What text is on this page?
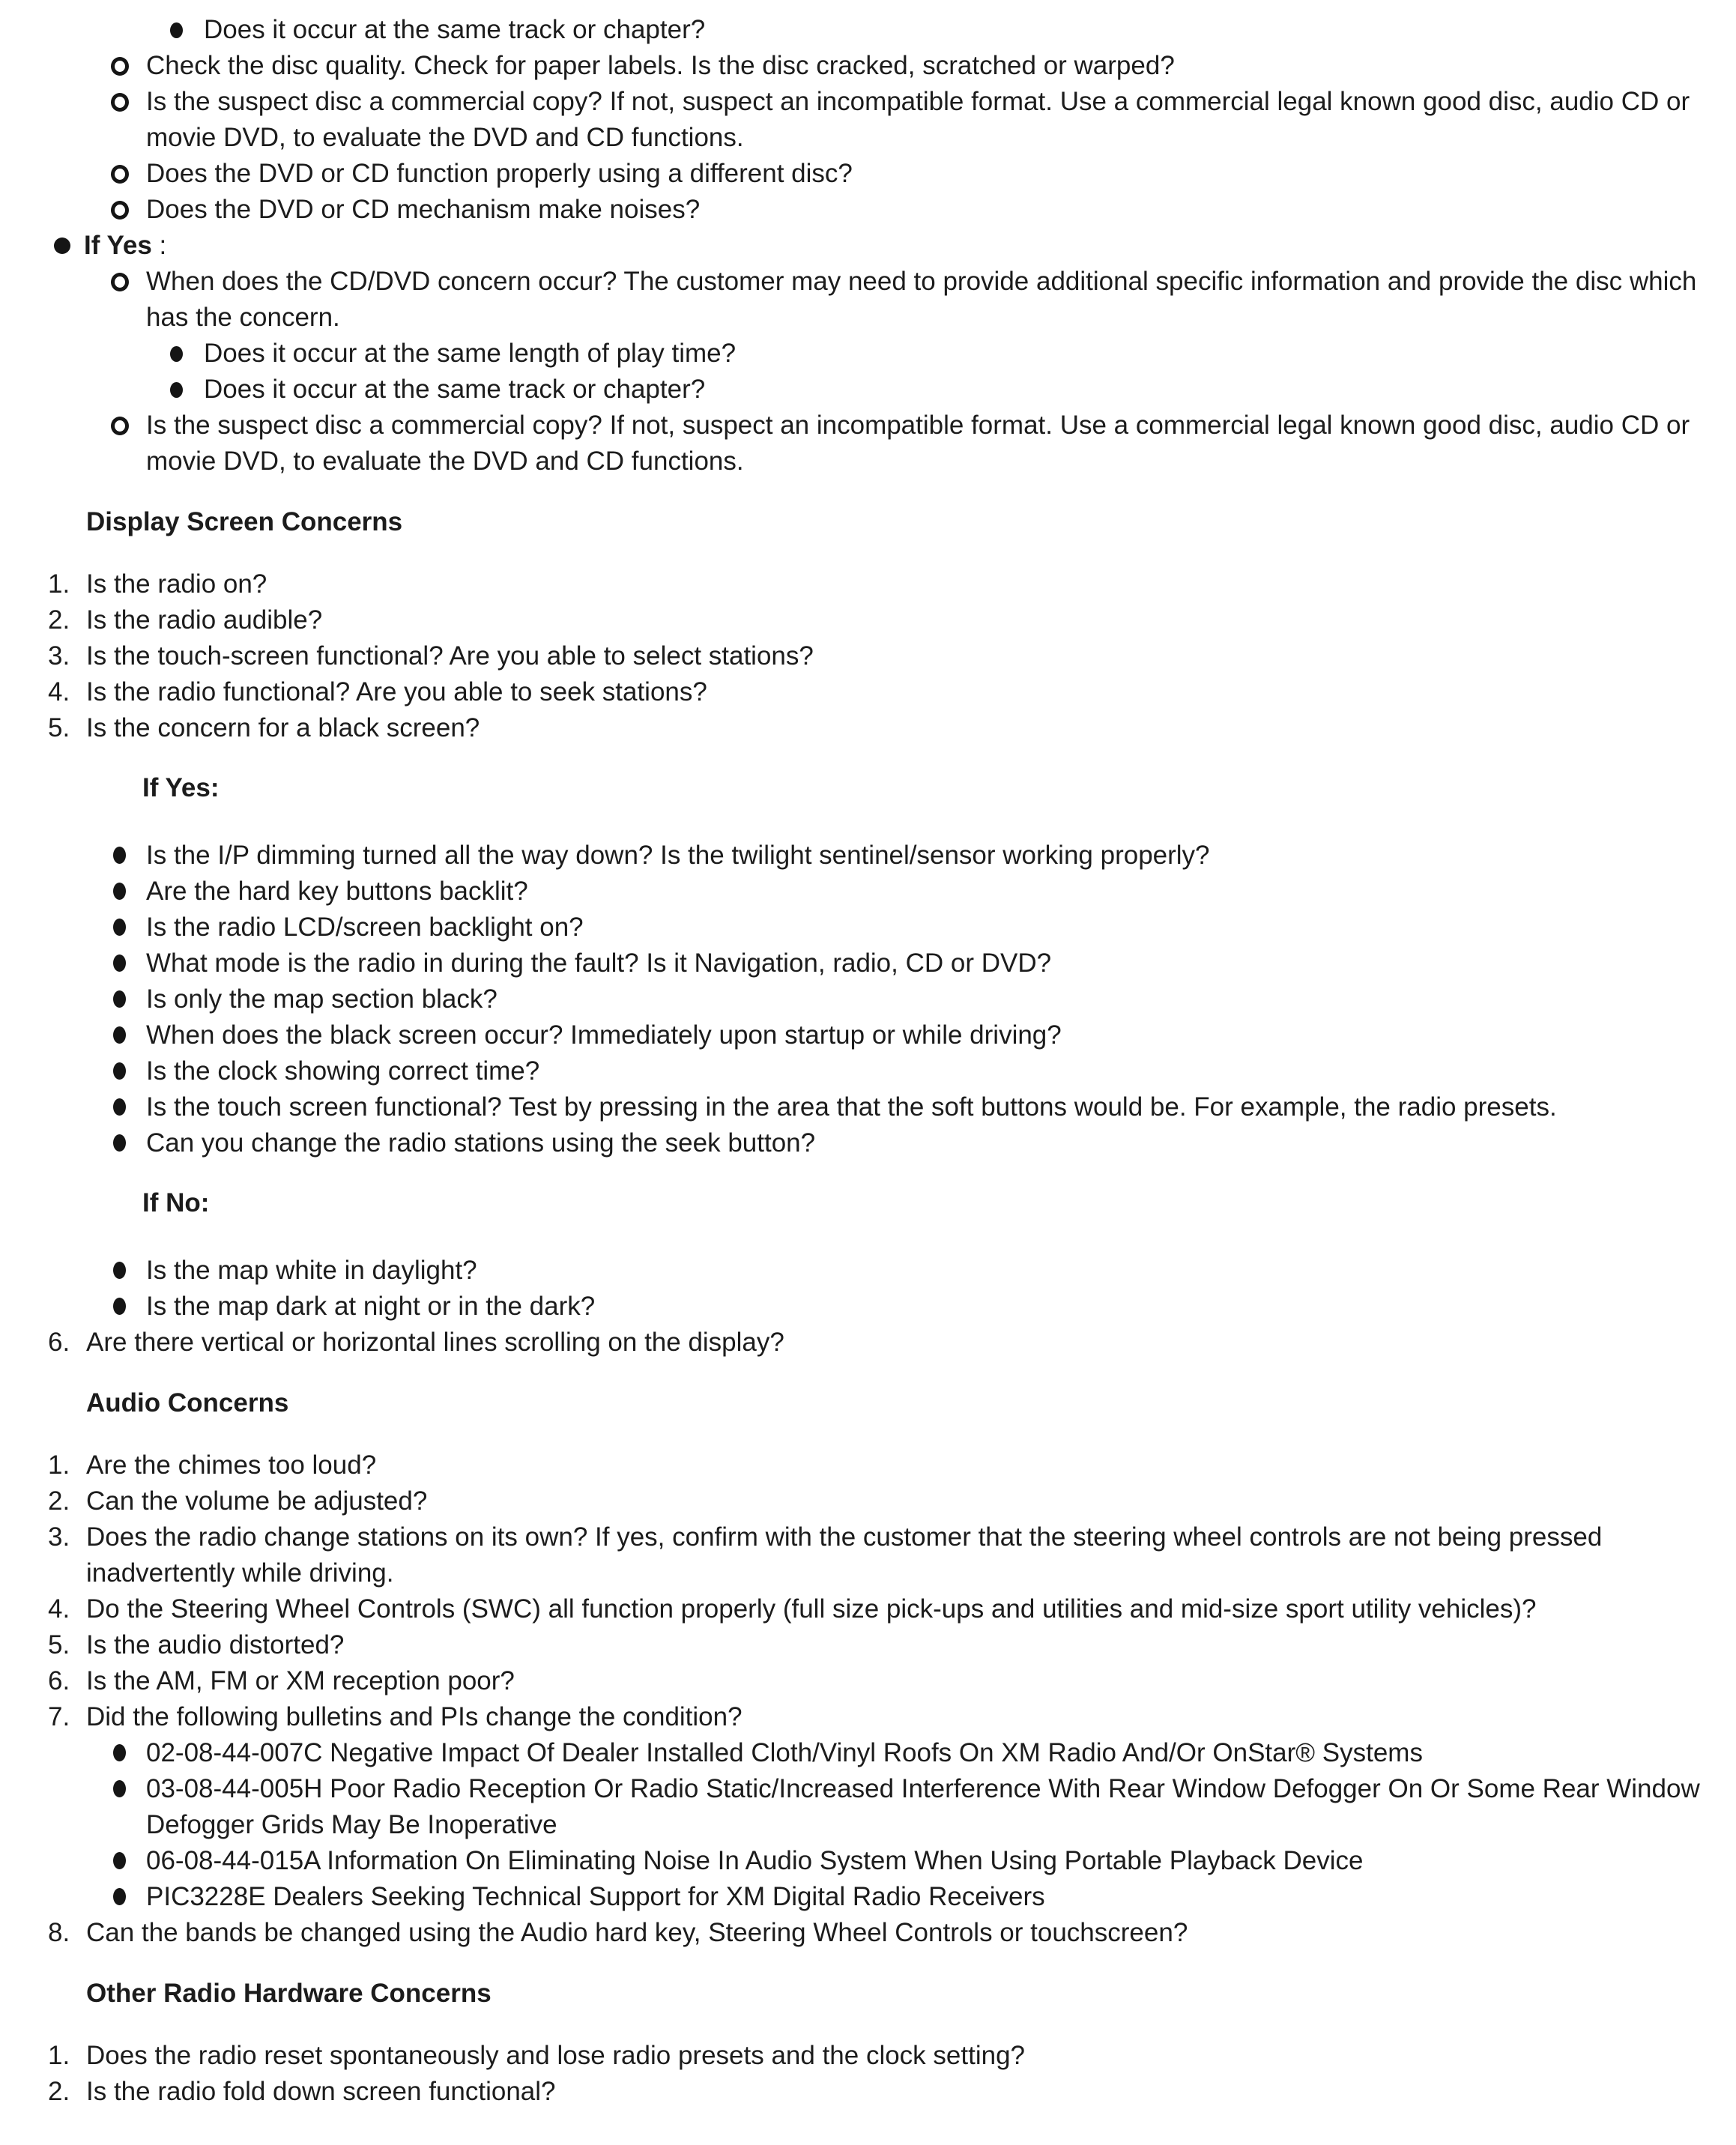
Does it occur at the same track or chapter?
Check the disc quality. Check for paper labels. Is the disc cracked, scratched or warped?
Is the suspect disc a commercial copy? If not, suspect an incompatible format. Use a commercial legal known good disc, audio CD or movie DVD, to evaluate the DVD and CD functions.
Does the DVD or CD function properly using a different disc?
Does the DVD or CD mechanism make noises?
If Yes :
When does the CD/DVD concern occur? The customer may need to provide additional specific information and provide the disc which has the concern.
Does it occur at the same length of play time?
Does it occur at the same track or chapter?
Is the suspect disc a commercial copy? If not, suspect an incompatible format. Use a commercial legal known good disc, audio CD or movie DVD, to evaluate the DVD and CD functions.
Display Screen Concerns
1. Is the radio on?
2. Is the radio audible?
3. Is the touch-screen functional? Are you able to select stations?
4. Is the radio functional? Are you able to seek stations?
5. Is the concern for a black screen?
If Yes:
Is the I/P dimming turned all the way down? Is the twilight sentinel/sensor working properly?
Are the hard key buttons backlit?
Is the radio LCD/screen backlight on?
What mode is the radio in during the fault? Is it Navigation, radio, CD or DVD?
Is only the map section black?
When does the black screen occur? Immediately upon startup or while driving?
Is the clock showing correct time?
Is the touch screen functional? Test by pressing in the area that the soft buttons would be. For example, the radio presets.
Can you change the radio stations using the seek button?
If No:
Is the map white in daylight?
Is the map dark at night or in the dark?
6. Are there vertical or horizontal lines scrolling on the display?
Audio Concerns
1. Are the chimes too loud?
2. Can the volume be adjusted?
3. Does the radio change stations on its own? If yes, confirm with the customer that the steering wheel controls are not being pressed inadvertently while driving.
4. Do the Steering Wheel Controls (SWC) all function properly (full size pick-ups and utilities and mid-size sport utility vehicles)?
5. Is the audio distorted?
6. Is the AM, FM or XM reception poor?
7. Did the following bulletins and PIs change the condition?
02-08-44-007C Negative Impact Of Dealer Installed Cloth/Vinyl Roofs On XM Radio And/Or OnStar® Systems
03-08-44-005H Poor Radio Reception Or Radio Static/Increased Interference With Rear Window Defogger On Or Some Rear Window Defogger Grids May Be Inoperative
06-08-44-015A Information On Eliminating Noise In Audio System When Using Portable Playback Device
PIC3228E Dealers Seeking Technical Support for XM Digital Radio Receivers
8. Can the bands be changed using the Audio hard key, Steering Wheel Controls or touchscreen?
Other Radio Hardware Concerns
1. Does the radio reset spontaneously and lose radio presets and the clock setting?
2. Is the radio fold down screen functional?
